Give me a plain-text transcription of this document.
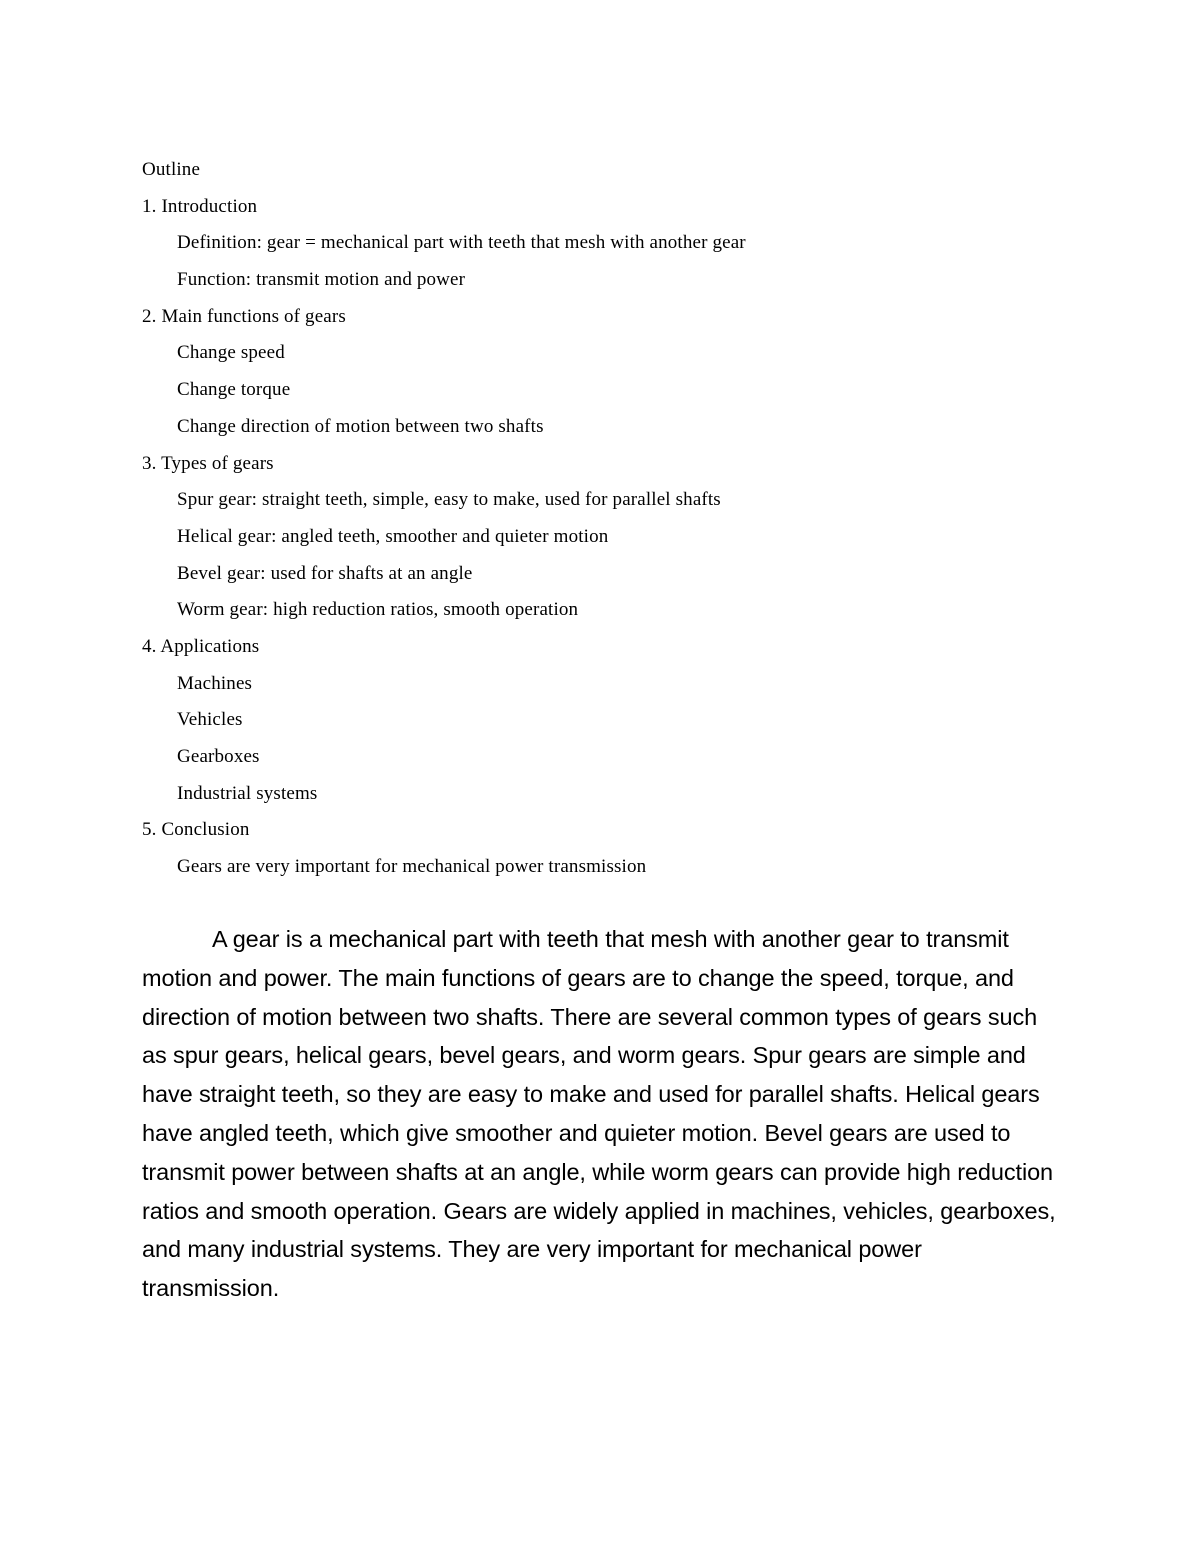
Outline
1. Introduction
Definition: gear = mechanical part with teeth that mesh with another gear
Function: transmit motion and power
2. Main functions of gears
Change speed
Change torque
Change direction of motion between two shafts
3. Types of gears
Spur gear: straight teeth, simple, easy to make, used for parallel shafts
Helical gear: angled teeth, smoother and quieter motion
Bevel gear: used for shafts at an angle
Worm gear: high reduction ratios, smooth operation
4. Applications
Machines
Vehicles
Gearboxes
Industrial systems
5. Conclusion
Gears are very important for mechanical power transmission

A gear is a mechanical part with teeth that mesh with another gear to transmit motion and power. The main functions of gears are to change the speed, torque, and direction of motion between two shafts. There are several common types of gears such as spur gears, helical gears, bevel gears, and worm gears. Spur gears are simple and have straight teeth, so they are easy to make and used for parallel shafts. Helical gears have angled teeth, which give smoother and quieter motion. Bevel gears are used to transmit power between shafts at an angle, while worm gears can provide high reduction ratios and smooth operation. Gears are widely applied in machines, vehicles, gearboxes, and many industrial systems. They are very important for mechanical power transmission.
